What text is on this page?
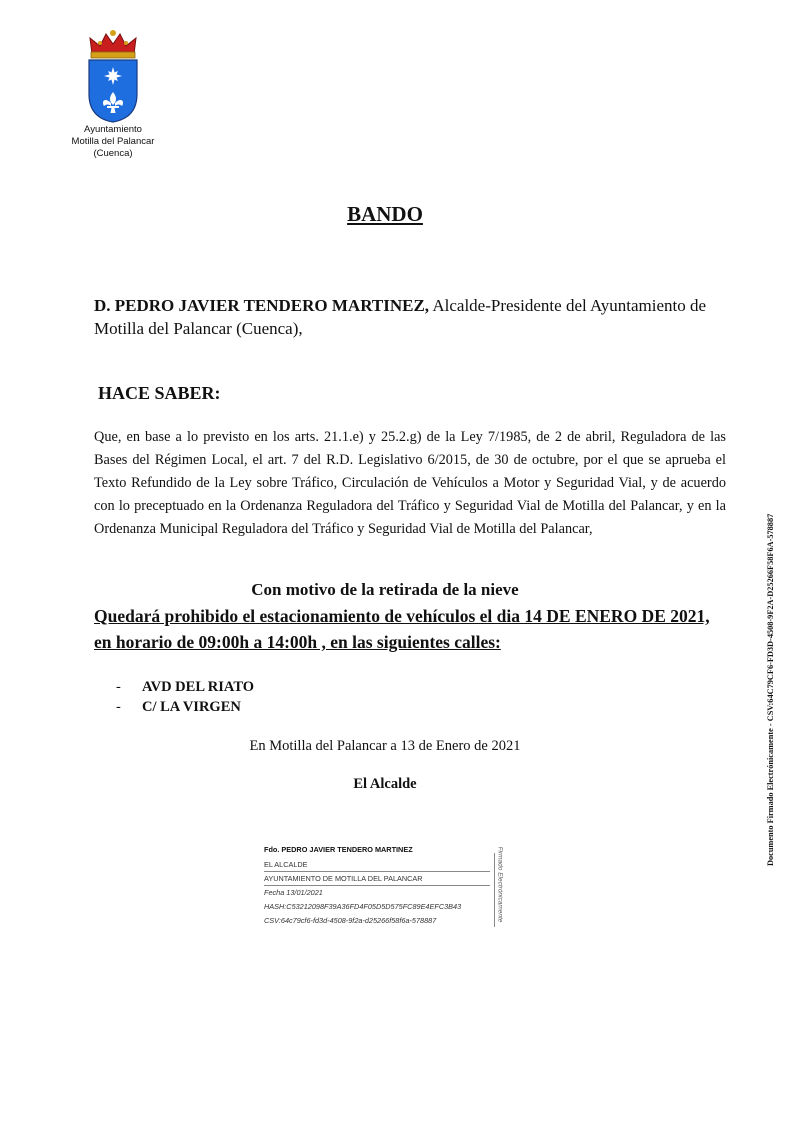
Ayuntamiento
Motilla del Palancar
(Cuenca)
BANDO
D. PEDRO JAVIER TENDERO MARTINEZ, Alcalde-Presidente del Ayuntamiento de Motilla del Palancar (Cuenca),
HACE SABER:
Que, en base a lo previsto en los arts. 21.1.e) y 25.2.g) de la Ley 7/1985, de 2 de abril, Reguladora de las Bases del Régimen Local, el art. 7 del R.D. Legislativo 6/2015, de 30 de octubre, por el que se aprueba el Texto Refundido de la Ley sobre Tráfico, Circulación de Vehículos a Motor y Seguridad Vial, y de acuerdo con lo preceptuado en la Ordenanza Reguladora del Tráfico y Seguridad Vial de Motilla del Palancar, y en la Ordenanza Municipal Reguladora del Tráfico y Seguridad Vial de Motilla del Palancar,
Con motivo de la retirada de la nieve
Quedará prohibido el estacionamiento de vehículos el dia 14 DE ENERO DE 2021, en horario de 09:00h a 14:00h , en las siguientes calles:
- AVD DEL RIATO
- C/ LA VIRGEN
En Motilla del Palancar a 13 de Enero de 2021
El Alcalde
Fdo. PEDRO JAVIER TENDERO MARTINEZ
EL ALCALDE
AYUNTAMIENTO DE MOTILLA DEL PALANCAR
Fecha 13/01/2021
HASH:C53212098F39A36FD4F05D5D575FC89E4EFC3B43
CSV:64c79cf6-fd3d-4508-9f2a-d25266f58f6a-578887	Firmado Electrónicamente
Documento Firmado Electrónicamente - CSV:64C79CF6-FD3D-4508-9F2A-D25266F58F6A-578887
